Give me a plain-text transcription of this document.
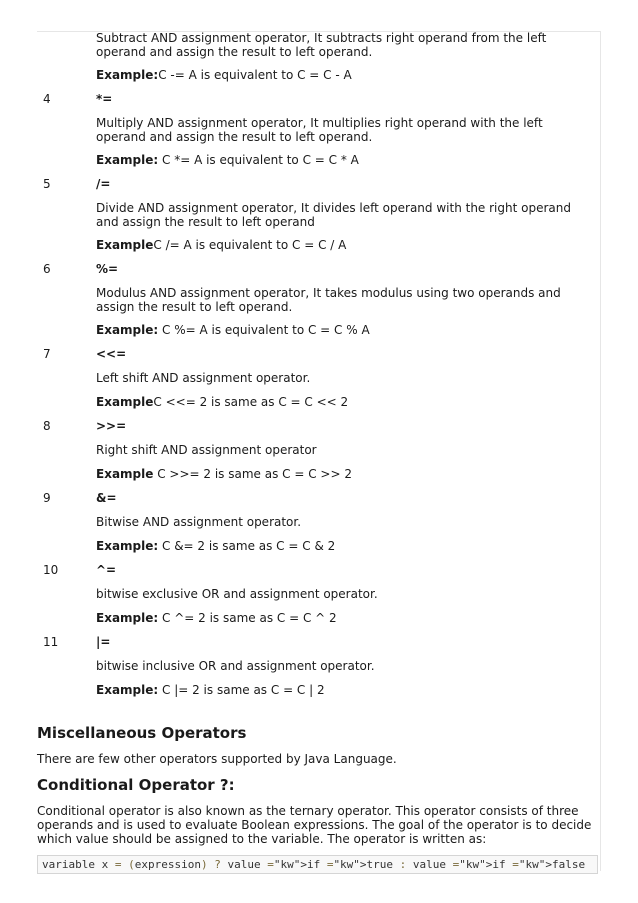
Subtract AND assignment operator, It subtracts right operand from the left operand and assign the result to left operand.
Example:C -= A is equivalent to C = C - A
4	*=
Multiply AND assignment operator, It multiplies right operand with the left operand and assign the result to left operand.
Example: C *= A is equivalent to C = C * A
5	/=
Divide AND assignment operator, It divides left operand with the right operand and assign the result to left operand
ExampleC /= A is equivalent to C = C / A
6	%=
Modulus AND assignment operator, It takes modulus using two operands and assign the result to left operand.
Example: C %= A is equivalent to C = C % A
7	<<=
Left shift AND assignment operator.
ExampleC <<= 2 is same as C = C << 2
8	>>=
Right shift AND assignment operator
Example C >>= 2 is same as C = C >> 2
9	&=
Bitwise AND assignment operator.
Example: C &= 2 is same as C = C & 2
10	^=
bitwise exclusive OR and assignment operator.
Example: C ^= 2 is same as C = C ^ 2
11	|=
bitwise inclusive OR and assignment operator.
Example: C |= 2 is same as C = C | 2
Miscellaneous Operators
There are few other operators supported by Java Language.
Conditional Operator ?:
Conditional operator is also known as the ternary operator. This operator consists of three operands and is used to evaluate Boolean expressions. The goal of the operator is to decide which value should be assigned to the variable. The operator is written as:
variable x = (expression) ? value ="kw">if ="kw">true : value ="kw">if ="kw">false
